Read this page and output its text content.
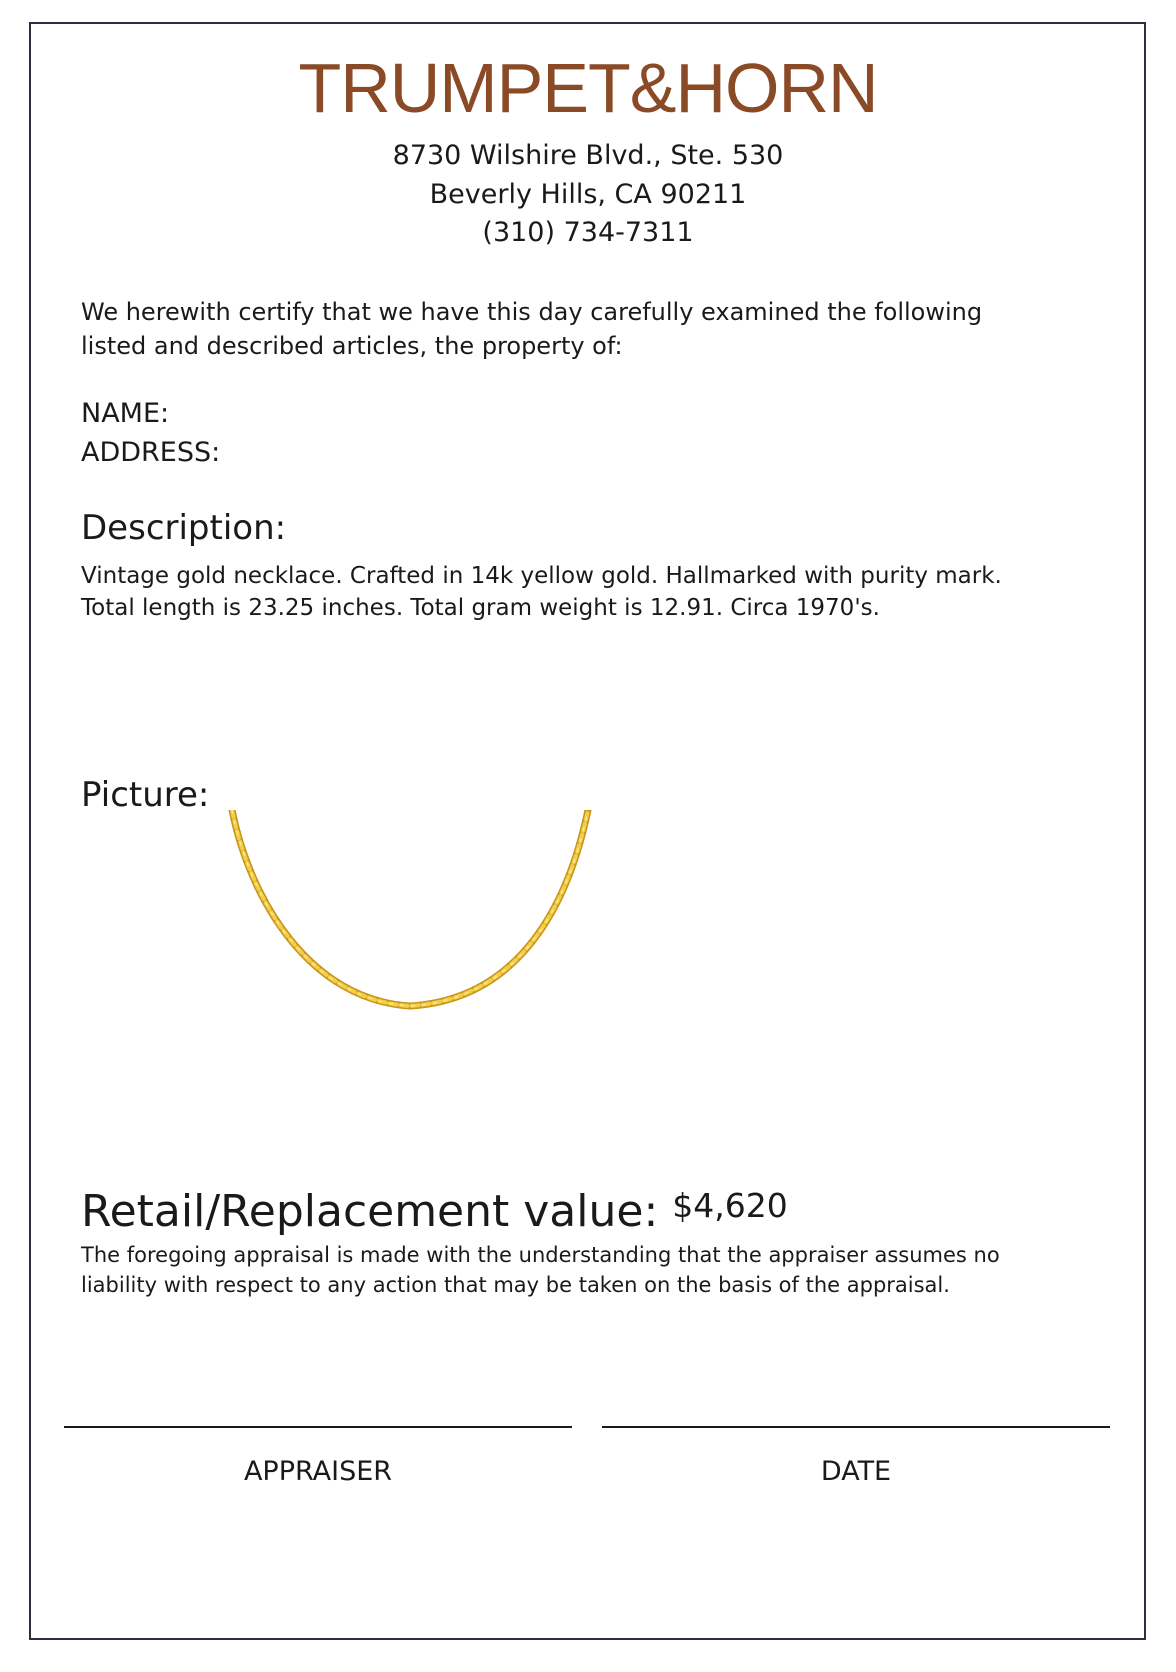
TRUMPET&HORN
8730 Wilshire Blvd., Ste. 530
Beverly Hills, CA 90211
(310) 734-7311
We herewith certify that we have this day carefully examined the following
listed and described articles, the property of:
NAME:
ADDRESS:
Description:
Vintage gold necklace. Crafted in 14k yellow gold. Hallmarked with purity mark.
Total length is 23.25 inches. Total gram weight is 12.91. Circa 1970's.
Picture:
Retail/Replacement value: $4,620
The foregoing appraisal is made with the understanding that the appraiser assumes no
liability with respect to any action that may be taken on the basis of the appraisal.
APPRAISER	DATE
